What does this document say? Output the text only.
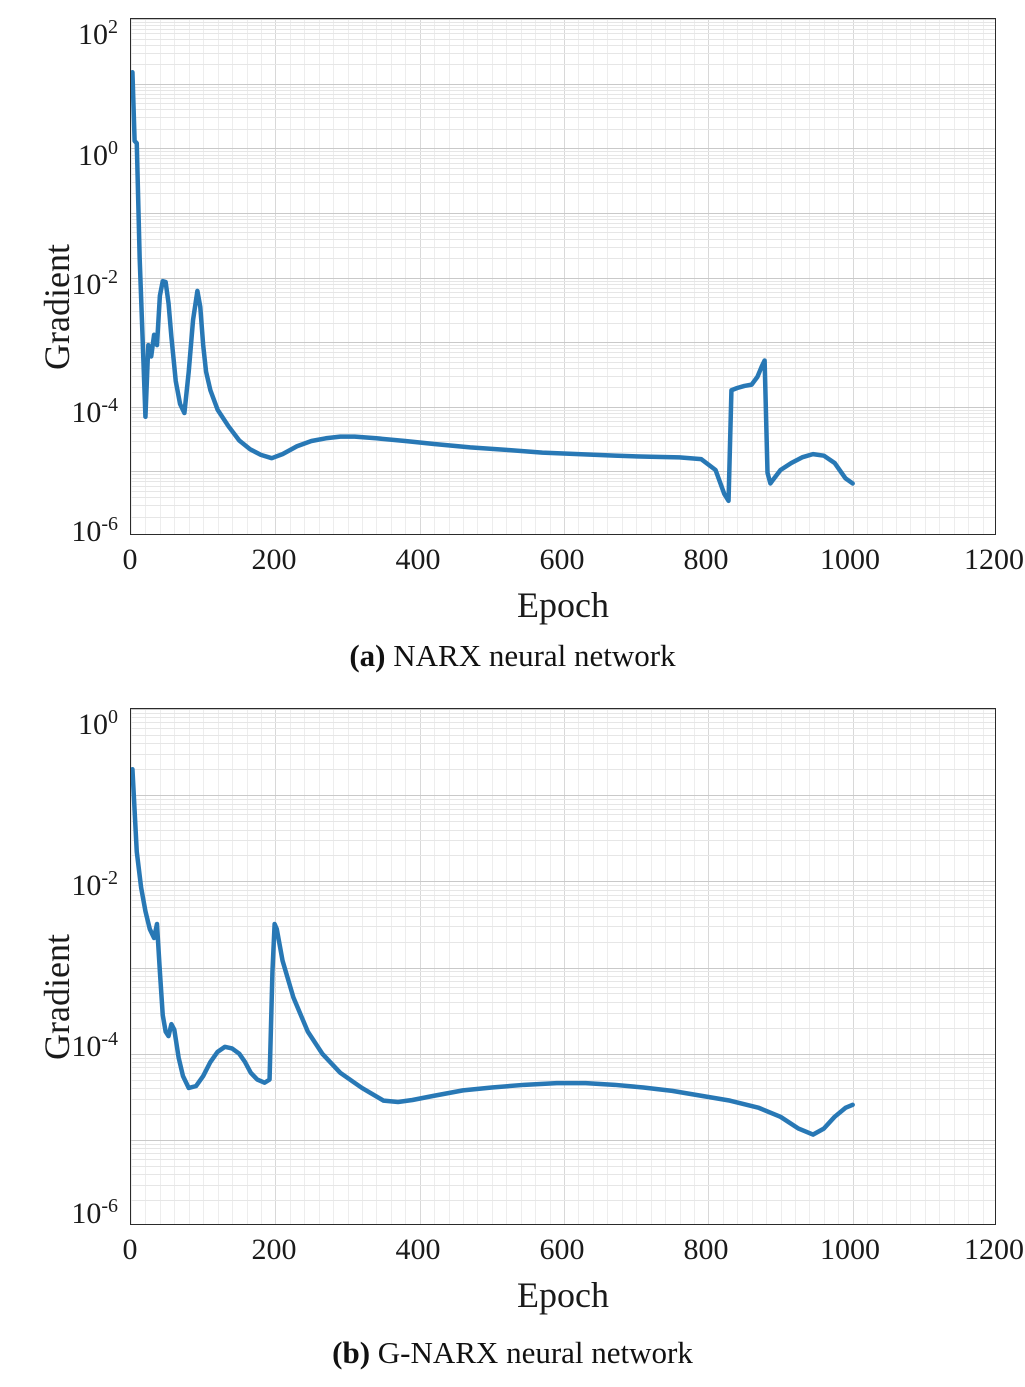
$10^2$
$10^0$
$10^{-2}$
$10^{-4}$
$10^{-6}$
0	200	400	600	800	1000	1200
Epoch
Gradient
(a) NARX neural network
$10^0$
$10^{-2}$
$10^{-4}$
$10^{-6}$
0	200	400	600	800	1000	1200
Epoch
Gradient
(b) G-NARX neural network
